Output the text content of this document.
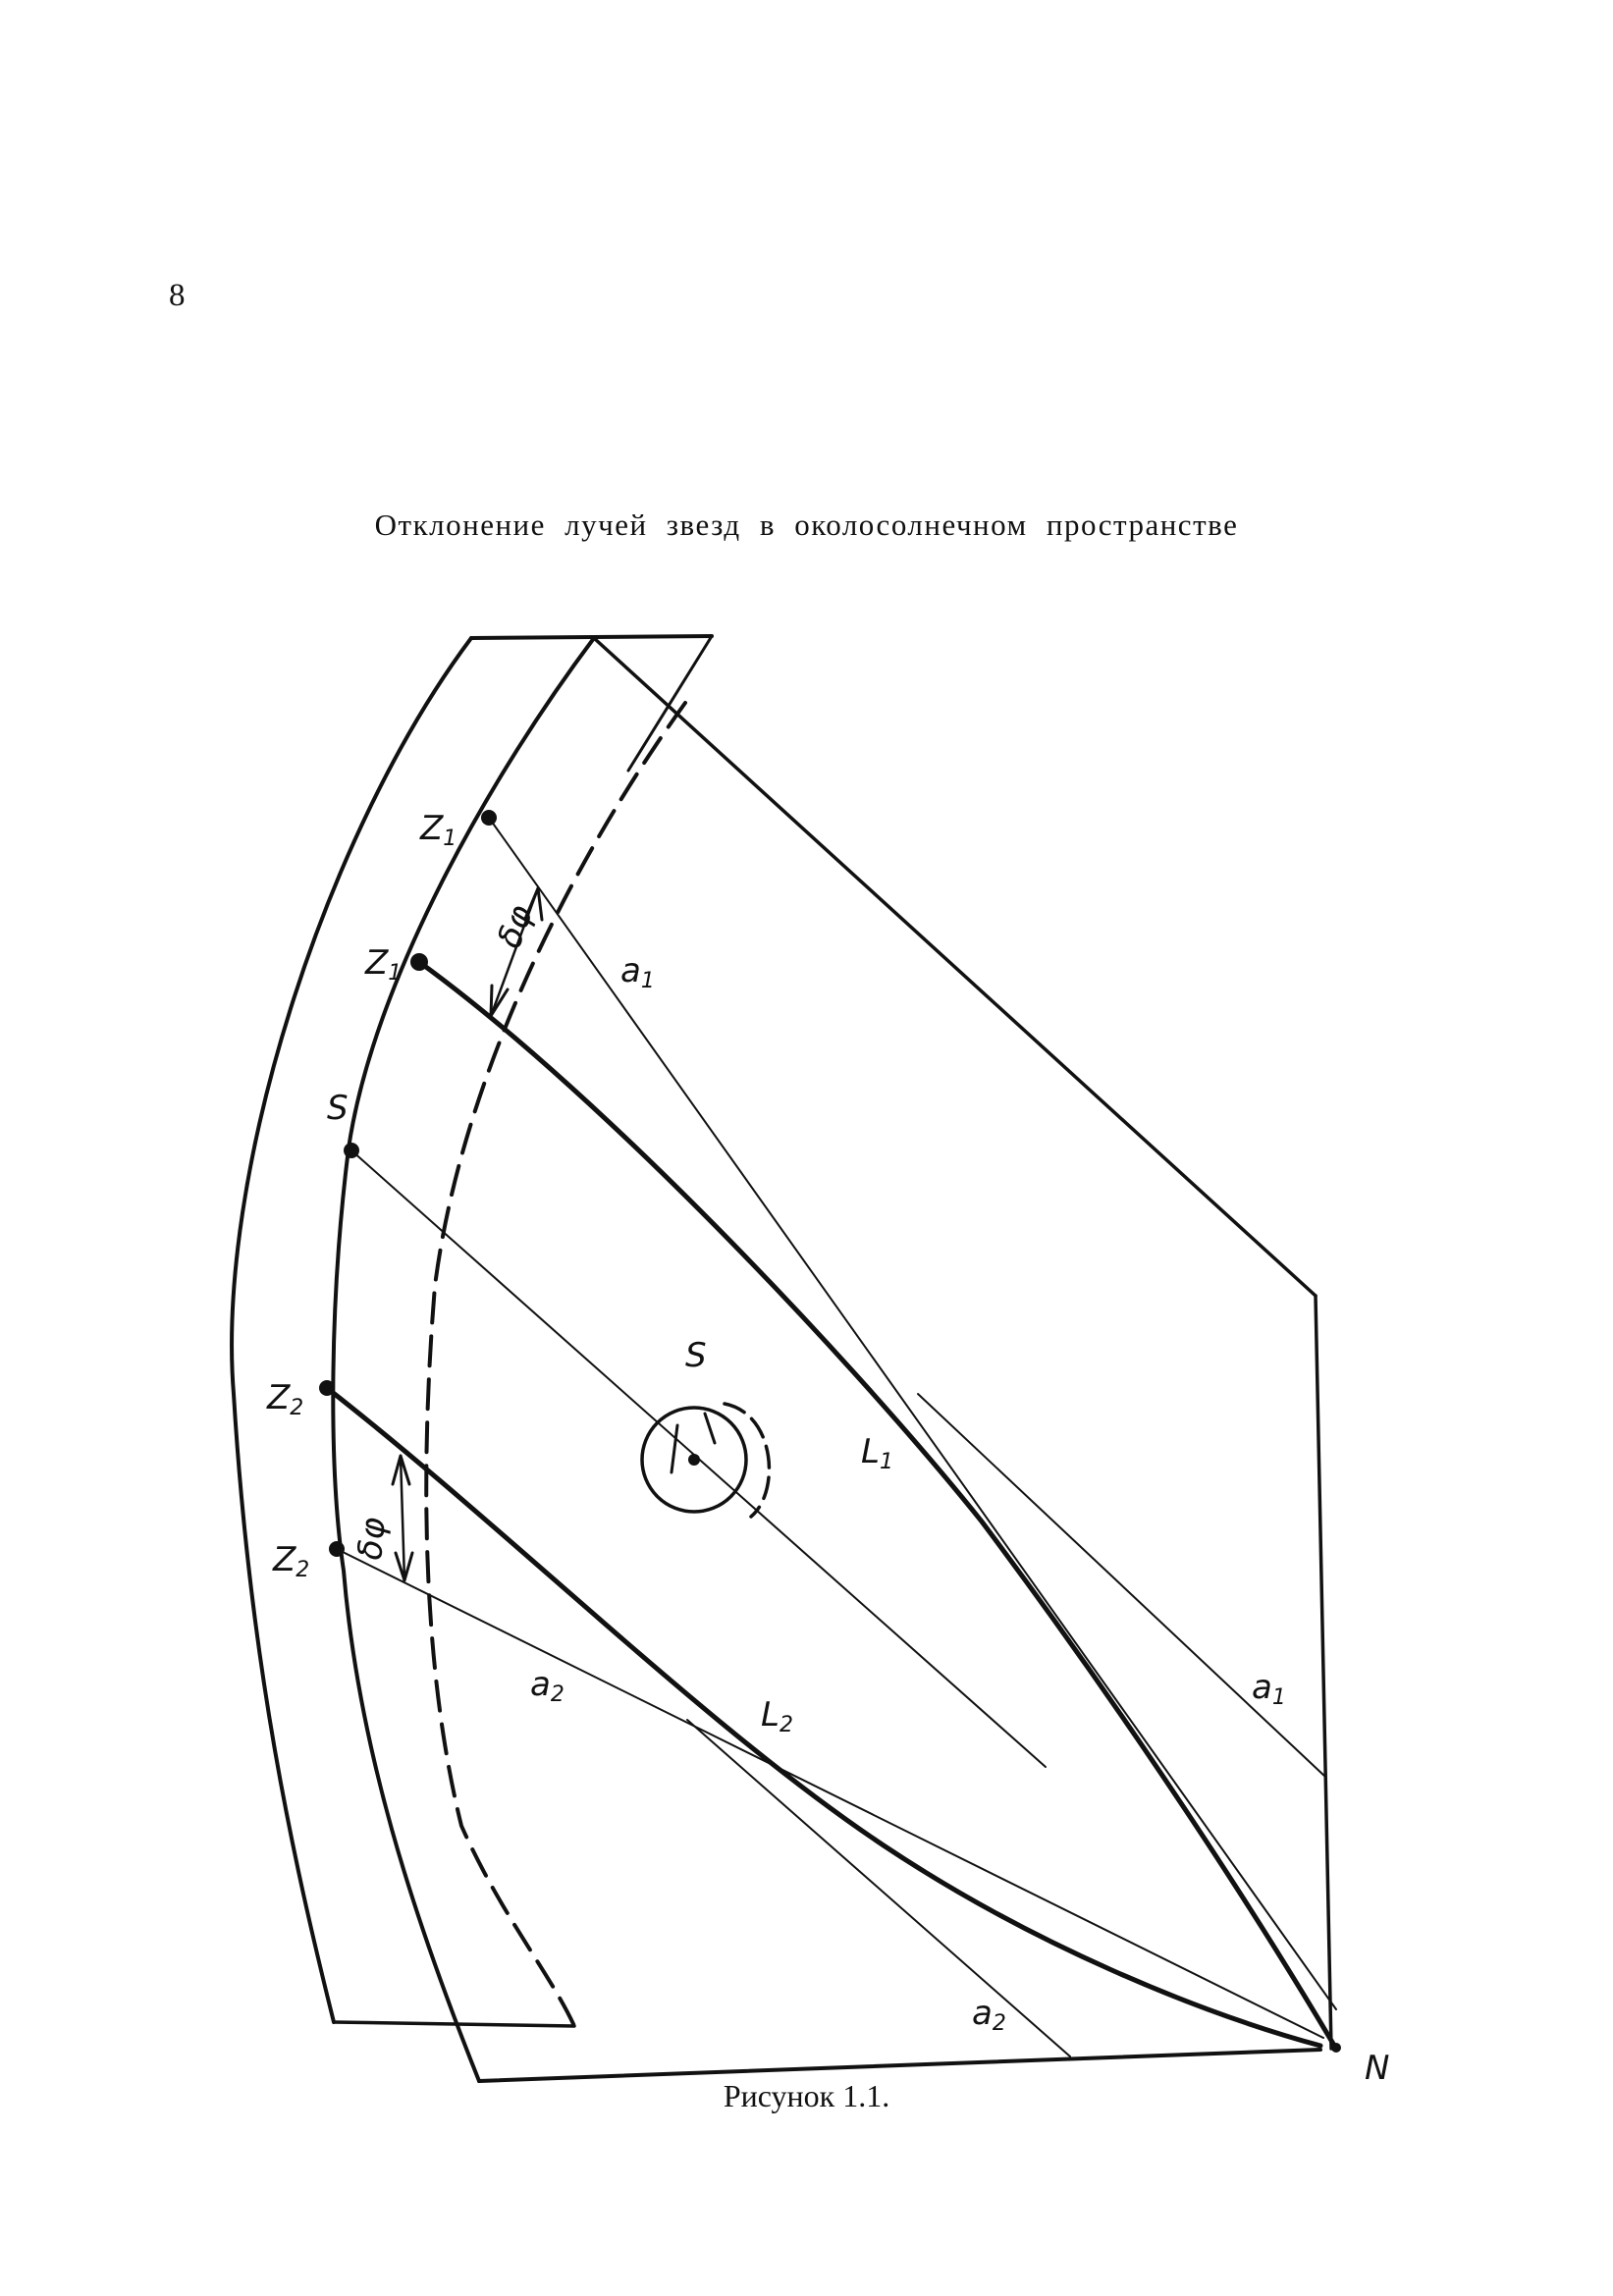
8
Отклонение лучей звезд в околосолнечном пространстве
Z1
Z1
S
Z2
Z2
S
L1
L2
a1
a1
a2
a2
N
δφ
δφ
Рисунок 1.1.
